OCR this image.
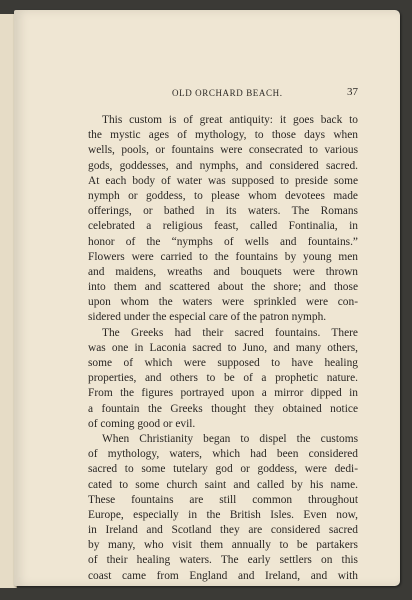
OLD ORCHARD BEACH.	37
This custom is of great antiquity: it goes back to
the mystic ages of mythology, to those days when
wells, pools, or fountains were consecrated to various
gods, goddesses, and nymphs, and considered sacred.
At each body of water was supposed to preside some
nymph or goddess, to please whom devotees made
offerings, or bathed in its waters. The Romans
celebrated a religious feast, called Fontinalia, in
honor of the “nymphs of wells and fountains.”
Flowers were carried to the fountains by young men
and maidens, wreaths and bouquets were thrown
into them and scattered about the shore; and those
upon whom the waters were sprinkled were con-
sidered under the especial care of the patron nymph.
The Greeks had their sacred fountains. There
was one in Laconia sacred to Juno, and many others,
some of which were supposed to have healing
properties, and others to be of a prophetic nature.
From the figures portrayed upon a mirror dipped in
a fountain the Greeks thought they obtained notice
of coming good or evil.
When Christianity began to dispel the customs
of mythology, waters, which had been considered
sacred to some tutelary god or goddess, were dedi-
cated to some church saint and called by his name.
These fountains are still common throughout
Europe, especially in the British Isles. Even now,
in Ireland and Scotland they are considered sacred
by many, who visit them annually to be partakers
of their healing waters. The early settlers on this
coast came from England and Ireland, and with
